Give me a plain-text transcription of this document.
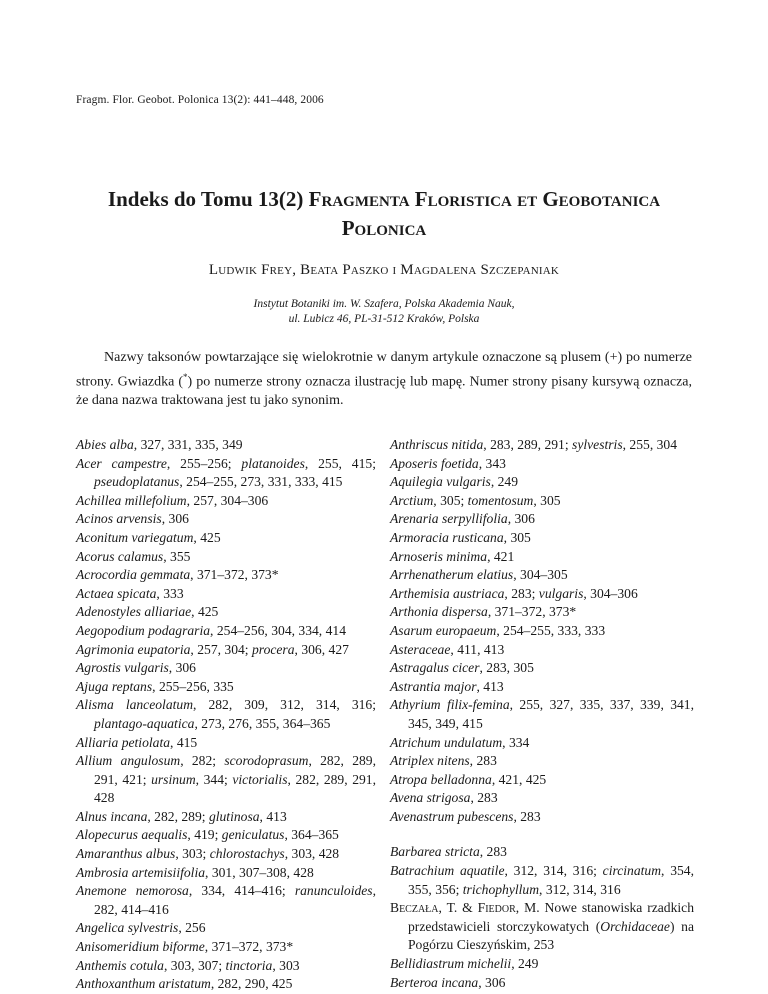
Fragm. Flor. Geobot. Polonica 13(2): 441–448, 2006
Indeks do Tomu 13(2) Fragmenta Floristica et Geobotanica Polonica
Ludwik Frey, Beata Paszko i Magdalena Szczepaniak
Instytut Botaniki im. W. Szafera, Polska Akademia Nauk,
ul. Lubicz 46, PL-31-512 Kraków, Polska
Nazwy taksonów powtarzające się wielokrotnie w danym artykule oznaczone są plusem (+) po numerze strony. Gwiazdka (*) po numerze strony oznacza ilustrację lub mapę. Numer strony pisany kursywą oznacza, że dana nazwa traktowana jest tu jako synonim.
Abies alba, 327, 331, 335, 349
Acer campestre, 255–256; platanoides, 255, 415; pseudoplatanus, 254–255, 273, 331, 333, 415
Achillea millefolium, 257, 304–306
Acinos arvensis, 306
Aconitum variegatum, 425
Acorus calamus, 355
Acrocordia gemmata, 371–372, 373*
Actaea spicata, 333
Adenostyles alliariae, 425
Aegopodium podagraria, 254–256, 304, 334, 414
Agrimonia eupatoria, 257, 304; procera, 306, 427
Agrostis vulgaris, 306
Ajuga reptans, 255–256, 335
Alisma lanceolatum, 282, 309, 312, 314, 316; plantago-aquatica, 273, 276, 355, 364–365
Alliaria petiolata, 415
Allium angulosum, 282; scorodoprasum, 282, 289, 291, 421; ursinum, 344; victorialis, 282, 289, 291, 428
Alnus incana, 282, 289; glutinosa, 413
Alopecurus aequalis, 419; geniculatus, 364–365
Amaranthus albus, 303; chlorostachys, 303, 428
Ambrosia artemisiifolia, 301, 307–308, 428
Anemone nemorosa, 334, 414–416; ranunculoides, 282, 414–416
Angelica sylvestris, 256
Anisomeridium biforme, 371–372, 373*
Anthemis cotula, 303, 307; tinctoria, 303
Anthoxanthum aristatum, 282, 290, 425
Anthriscus nitida, 283, 289, 291; sylvestris, 255, 304
Aposeris foetida, 343
Aquilegia vulgaris, 249
Arctium, 305; tomentosum, 305
Arenaria serpyllifolia, 306
Armoracia rusticana, 305
Arnoseris minima, 421
Arrhenatherum elatius, 304–305
Arthemisia austriaca, 283; vulgaris, 304–306
Arthonia dispersa, 371–372, 373*
Asarum europaeum, 254–255, 333, 333
Asteraceae, 411, 413
Astragalus cicer, 283, 305
Astrantia major, 413
Athyrium filix-femina, 255, 327, 335, 337, 339, 341, 345, 349, 415
Atrichum undulatum, 334
Atriplex nitens, 283
Atropa belladonna, 421, 425
Avena strigosa, 283
Avenastrum pubescens, 283
Barbarea stricta, 283
Batrachium aquatile, 312, 314, 316; circinatum, 354, 355, 356; trichophyllum, 312, 314, 316
Beczała, T. & Fiedor, M. Nowe stanowiska rzadkich przedstawicieli storczykowatych (Orchidaceae) na Pogórzu Cieszyńskim, 253
Bellidiastrum michelii, 249
Berteroa incana, 306
